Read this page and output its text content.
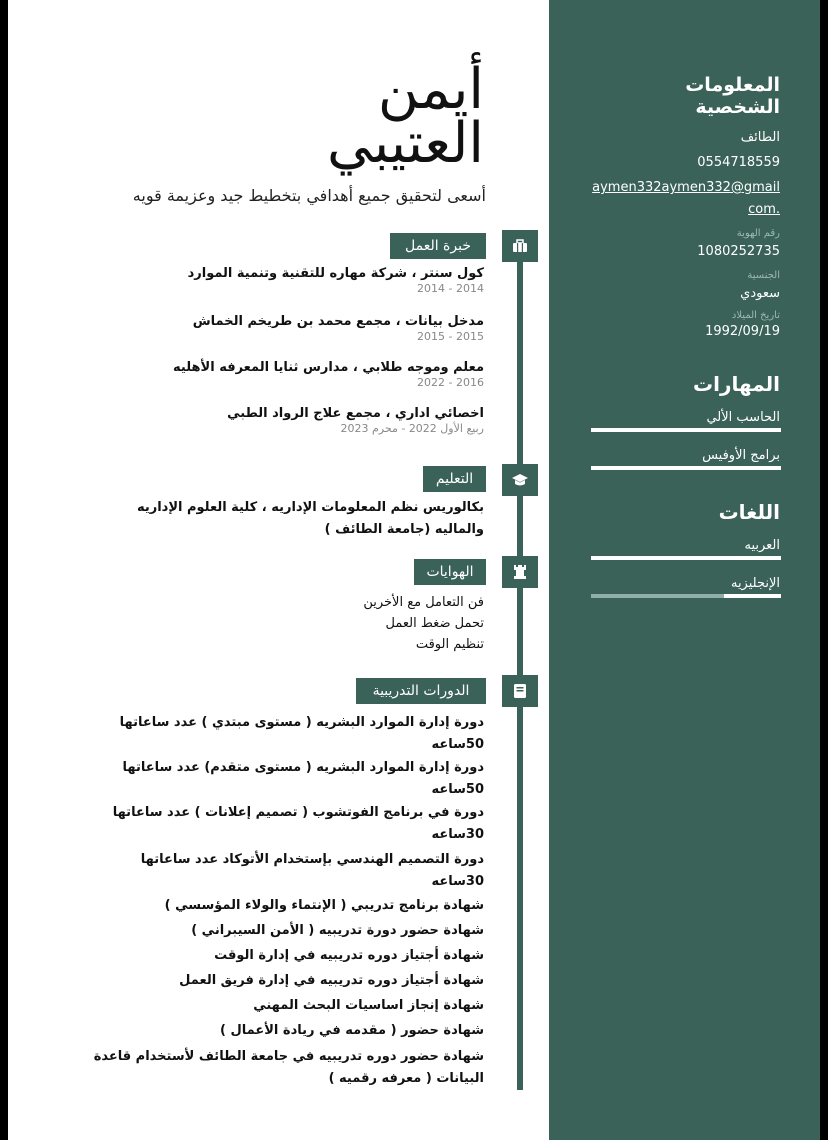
المعلومات
الشخصية
الطائف
0554718559
aymen332aymen332@gmail
.com
رقم الهوية
1080252735
الجنسية
سعودي
تاريخ الميلاد
1992/09/19
المهارات
الحاسب الألي
برامج الأوفيس
اللغات
العربيه
الإنجليزيه
أيمن
العتيبي
أسعى لتحقيق جميع أهدافي بتخطيط جيد وعزيمة قويه
خبرة العمل
كول سنتر ، شركة مهاره للتقنية وتنمية الموارد
2014 - 2014
مدخل بيانات ، مجمع محمد بن طريخم الخماش
2015 - 2015
معلم وموجه طلابي ، مدارس ثنايا المعرفه الأهليه
2016 - 2022
اخصائي اداري ، مجمع علاج الرواد الطبي
ربيع الأول 2022 - محرم 2023
التعليم
بكالوريس نظم المعلومات الإداريه ، كلية العلوم الإداريه
والماليه (جامعة الطائف )
الهوايات
فن التعامل مع الأخرين
تحمل ضغط العمل
تنظيم الوقت
الدورات التدريبية
دورة إدارة الموارد البشريه ( مستوى مبتدي ) عدد ساعاتها
50ساعه
دورة إدارة الموارد البشريه ( مستوى متقدم) عدد ساعاتها
50ساعه
دورة في برنامج الفوتشوب ( تصميم إعلانات ) عدد ساعاتها
30ساعه
دورة التصميم الهندسي بإستخدام الأتوكاد عدد ساعاتها
30ساعه
شهادة برنامج تدريبي ( الإنتماء والولاء المؤسسي )
شهادة حضور دورة تدريبيه ( الأمن السيبراني )
شهادة أجتياز دوره تدريبيه في إدارة الوقت
شهادة أجتياز دوره تدريبيه في إدارة فريق العمل
شهادة إنجاز اساسيات البحث المهني
شهادة حضور ( مقدمه في ريادة الأعمال )
شهادة حضور دوره تدريبيه في جامعة الطائف لأستخدام قاعدة
البيانات ( معرفه رقميه )
